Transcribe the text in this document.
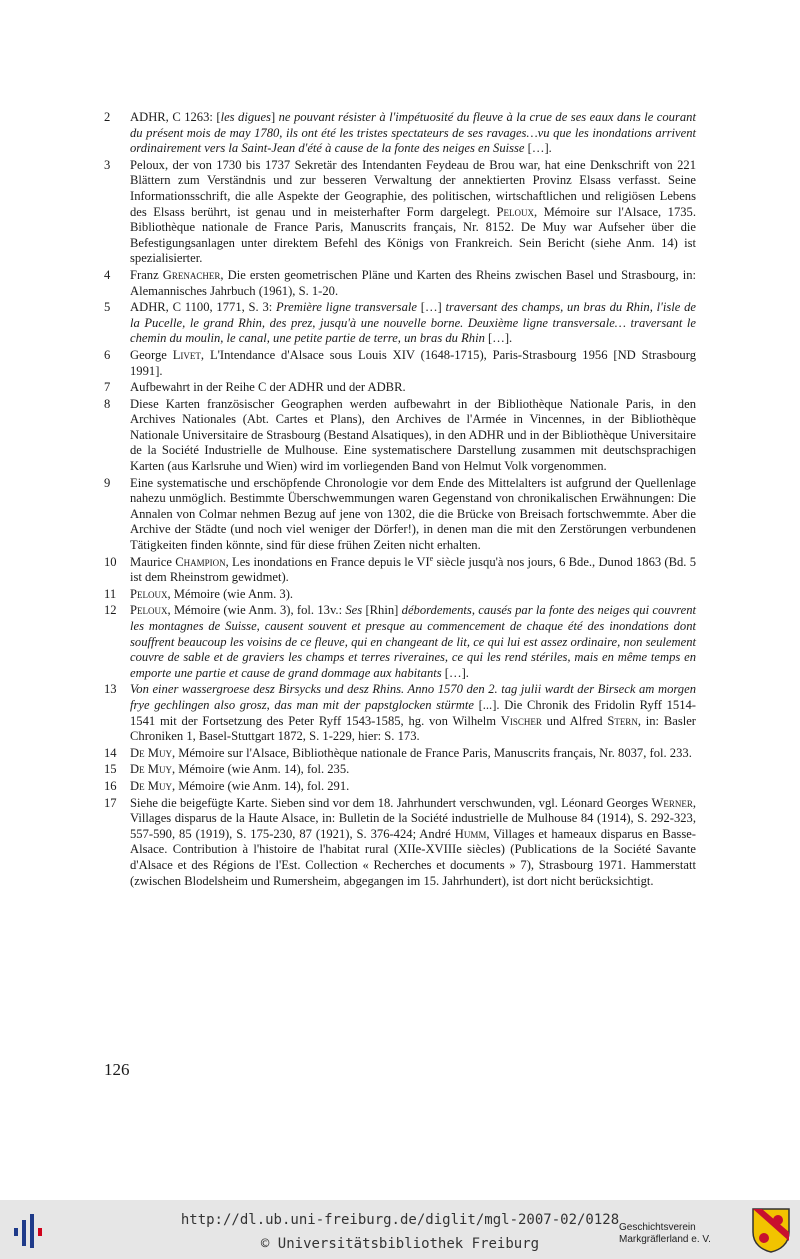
2	ADHR, C 1263: [les digues] ne pouvant résister à l'impétuosité du fleuve à la crue de ses eaux dans le courant du présent mois de may 1780, ils ont été les tristes spectateurs de ses ravages…vu que les inondations arrivent ordinairement vers la Saint-Jean d'été à cause de la fonte des neiges en Suisse […].
3	Peloux, der von 1730 bis 1737 Sekretär des Intendanten Feydeau de Brou war, hat eine Denkschrift von 221 Blättern zum Verständnis und zur besseren Verwaltung der annektierten Provinz Elsass verfasst. Seine Informationsschrift, die alle Aspekte der Geographie, des politischen, wirtschaftlichen und religiösen Lebens des Elsass berührt, ist genau und in meisterhafter Form dargelegt. Peloux, Mémoire sur l'Alsace, 1735. Bibliothèque nationale de France Paris, Manuscrits français, Nr. 8152. De Muy war Aufseher über die Befestigungsanlagen unter direktem Befehl des Königs von Frankreich. Sein Bericht (siehe Anm. 14) ist spezialisierter.
4	Franz Grenacher, Die ersten geometrischen Pläne und Karten des Rheins zwischen Basel und Strasbourg, in: Alemannisches Jahrbuch (1961), S. 1-20.
5	ADHR, C 1100, 1771, S. 3: Première ligne transversale […] traversant des champs, un bras du Rhin, l'isle de la Pucelle, le grand Rhin, des prez, jusqu'à une nouvelle borne. Deuxième ligne transversale… traversant le chemin du moulin, le canal, une petite partie de terre, un bras du Rhin […].
6	George Livet, L'Intendance d'Alsace sous Louis XIV (1648-1715), Paris-Strasbourg 1956 [ND Strasbourg 1991].
7	Aufbewahrt in der Reihe C der ADHR und der ADBR.
8	Diese Karten französischer Geographen werden aufbewahrt in der Bibliothèque Nationale Paris, in den Archives Nationales (Abt. Cartes et Plans), den Archives de l'Armée in Vincennes, in der Bibliothèque Nationale Universitaire de Strasbourg (Bestand Alsatiques), in den ADHR und in der Bibliothèque Universitaire de la Société Industrielle de Mulhouse. Eine systematischere Darstellung zusammen mit deutschsprachigen Karten (aus Karlsruhe und Wien) wird im vorliegenden Band von Helmut Volk vorgenommen.
9	Eine systematische und erschöpfende Chronologie vor dem Ende des Mittelalters ist aufgrund der Quellenlage nahezu unmöglich. Bestimmte Überschwemmungen waren Gegenstand von chronikalischen Erwähnungen: Die Annalen von Colmar nehmen Bezug auf jene von 1302, die die Brücke von Breisach fortschwemmte. Aber die Archive der Städte (und noch viel weniger der Dörfer!), in denen man die mit den Zerstörungen verbundenen Tätigkeiten finden könnte, sind für diese frühen Zeiten nicht erhalten.
10	Maurice Champion, Les inondations en France depuis le VIe siècle jusqu'à nos jours, 6 Bde., Dunod 1863 (Bd. 5 ist dem Rheinstrom gewidmet).
11	Peloux, Mémoire (wie Anm. 3).
12	Peloux, Mémoire (wie Anm. 3), fol. 13v.: Ses [Rhin] débordements, causés par la fonte des neiges qui couvrent les montagnes de Suisse, causent souvent et presque au commencement de chaque été des inondations dont souffrent beaucoup les voisins de ce fleuve, qui en changeant de lit, ce qui lui est assez ordinaire, non seulement couvre de sable et de graviers les champs et terres riveraines, ce qui les rend stériles, mais en même temps en emporte une partie et cause de grand dommage aux habitants […].
13	Von einer wassergroese desz Birsycks und desz Rhins. Anno 1570 den 2. tag julii wardt der Birseck am morgen frye gechlingen also grosz, das man mit der papstglocken stürmte [...]. Die Chronik des Fridolin Ryff 1514-1541 mit der Fortsetzung des Peter Ryff 1543-1585, hg. von Wilhelm Vischer und Alfred Stern, in: Basler Chroniken 1, Basel-Stuttgart 1872, S. 1-229, hier: S. 173.
14	De Muy, Mémoire sur l'Alsace, Bibliothèque nationale de France Paris, Manuscrits français, Nr. 8037, fol. 233.
15	De Muy, Mémoire (wie Anm. 14), fol. 235.
16	De Muy, Mémoire (wie Anm. 14), fol. 291.
17	Siehe die beigefügte Karte. Sieben sind vor dem 18. Jahrhundert verschwunden, vgl. Léonard Georges Werner, Villages disparus de la Haute Alsace, in: Bulletin de la Société industrielle de Mulhouse 84 (1914), S. 292-323, 557-590, 85 (1919), S. 175-230, 87 (1921), S. 376-424; André Humm, Villages et hameaux disparus en Basse-Alsace. Contribution à l'histoire de l'habitat rural (XIIe-XVIIIe siècles) (Publications de la Société Savante d'Alsace et des Régions de l'Est. Collection « Recherches et documents » 7), Strasbourg 1971. Hammerstatt (zwischen Blodelsheim und Rumersheim, abgegangen im 15. Jahrhundert), ist dort nicht berücksichtigt.
126
http://dl.ub.uni-freiburg.de/diglit/mgl-2007-02/0128
© Universitätsbibliothek Freiburg
Geschichtsverein
Markgräflerland e. V.
